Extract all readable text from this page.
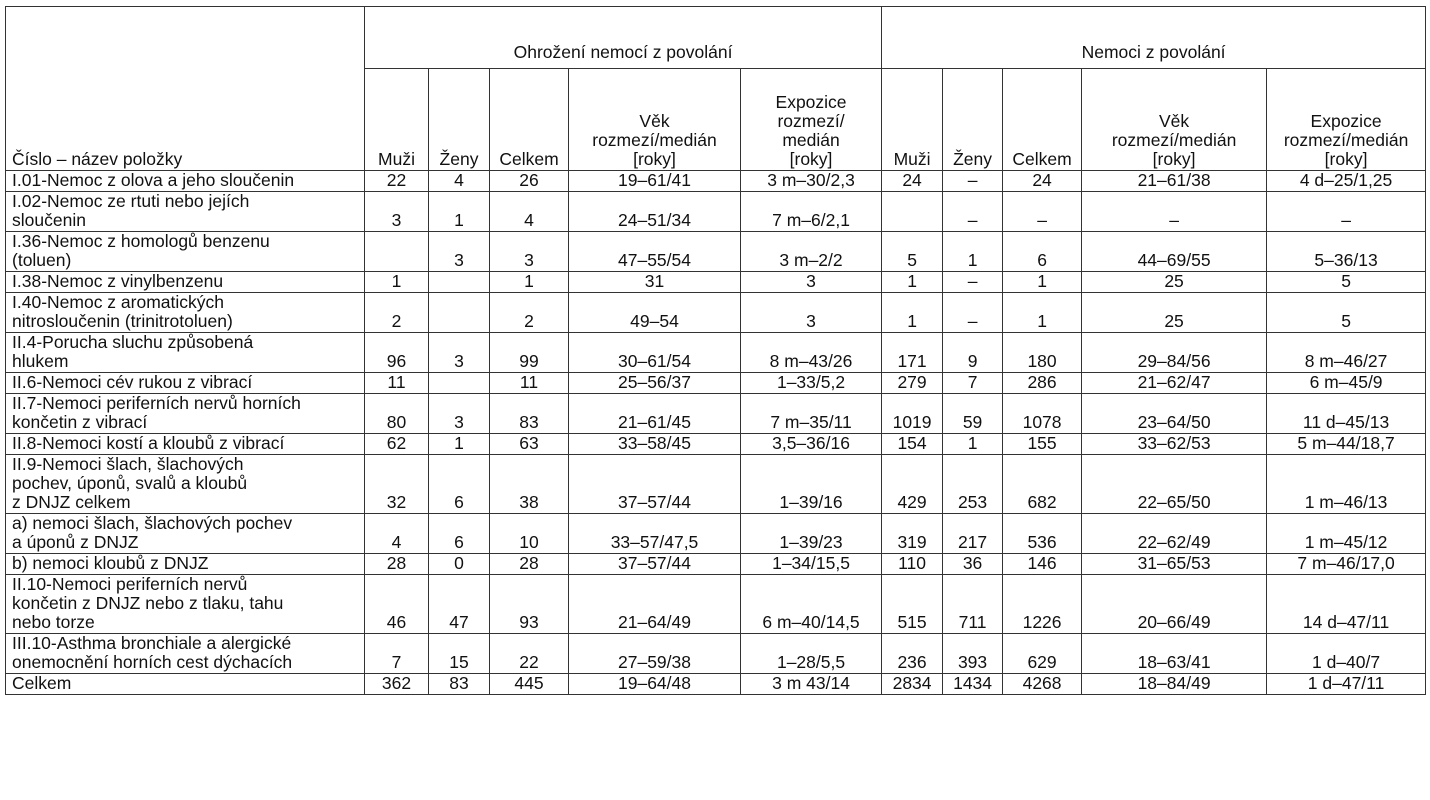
Číslo – název položky	Ohrožení nemocí z povolání					Nemoci z povolání				
	Muži	Ženy	Celkem	Věk
rozmezí/medián
[roky]	Expozice
rozmezí/
medián
[roky]	Muži	Ženy	Celkem	Věk
rozmezí/medián
[roky]	Expozice
rozmezí/medián
[roky]
I.01-Nemoc z olova a jeho sloučenin	22	4	26	19–61/41	3 m–30/2,3	24	–	24	21–61/38	4 d–25/1,25
I.02-Nemoc ze rtuti nebo jejích
sloučenin	3	1	4	24–51/34	7 m–6/2,1		–	–	–	–
I.36-Nemoc z homologů benzenu
(toluen)		3	3	47–55/54	3 m–2/2	5	1	6	44–69/55	5–36/13
I.38-Nemoc z vinylbenzenu	1		1	31	3	1	–	1	25	5
I.40-Nemoc z aromatických
nitrosloučenin (trinitrotoluen)	2		2	49–54	3	1	–	1	25	5
II.4-Porucha sluchu způsobená
hlukem	96	3	99	30–61/54	8 m–43/26	171	9	180	29–84/56	8 m–46/27
II.6-Nemoci cév rukou z vibrací	11		11	25–56/37	1–33/5,2	279	7	286	21–62/47	6 m–45/9
II.7-Nemoci periferních nervů horních
končetin z vibrací	80	3	83	21–61/45	7 m–35/11	1019	59	1078	23–64/50	11 d–45/13
II.8-Nemoci kostí a kloubů z vibrací	62	1	63	33–58/45	3,5–36/16	154	1	155	33–62/53	5 m–44/18,7
II.9-Nemoci šlach, šlachových
pochev, úponů, svalů a kloubů
z DNJZ celkem	32	6	38	37–57/44	1–39/16	429	253	682	22–65/50	1 m–46/13
a) nemoci šlach, šlachových pochev
a úponů z DNJZ	4	6	10	33–57/47,5	1–39/23	319	217	536	22–62/49	1 m–45/12
b) nemoci kloubů z DNJZ	28	0	28	37–57/44	1–34/15,5	110	36	146	31–65/53	7 m–46/17,0
II.10-Nemoci periferních nervů
končetin z DNJZ nebo z tlaku, tahu
nebo torze	46	47	93	21–64/49	6 m–40/14,5	515	711	1226	20–66/49	14 d–47/11
III.10-Asthma bronchiale a alergické
onemocnění horních cest dýchacích	7	15	22	27–59/38	1–28/5,5	236	393	629	18–63/41	1 d–40/7
Celkem	362	83	445	19–64/48	3 m 43/14	2834	1434	4268	18–84/49	1 d–47/11
